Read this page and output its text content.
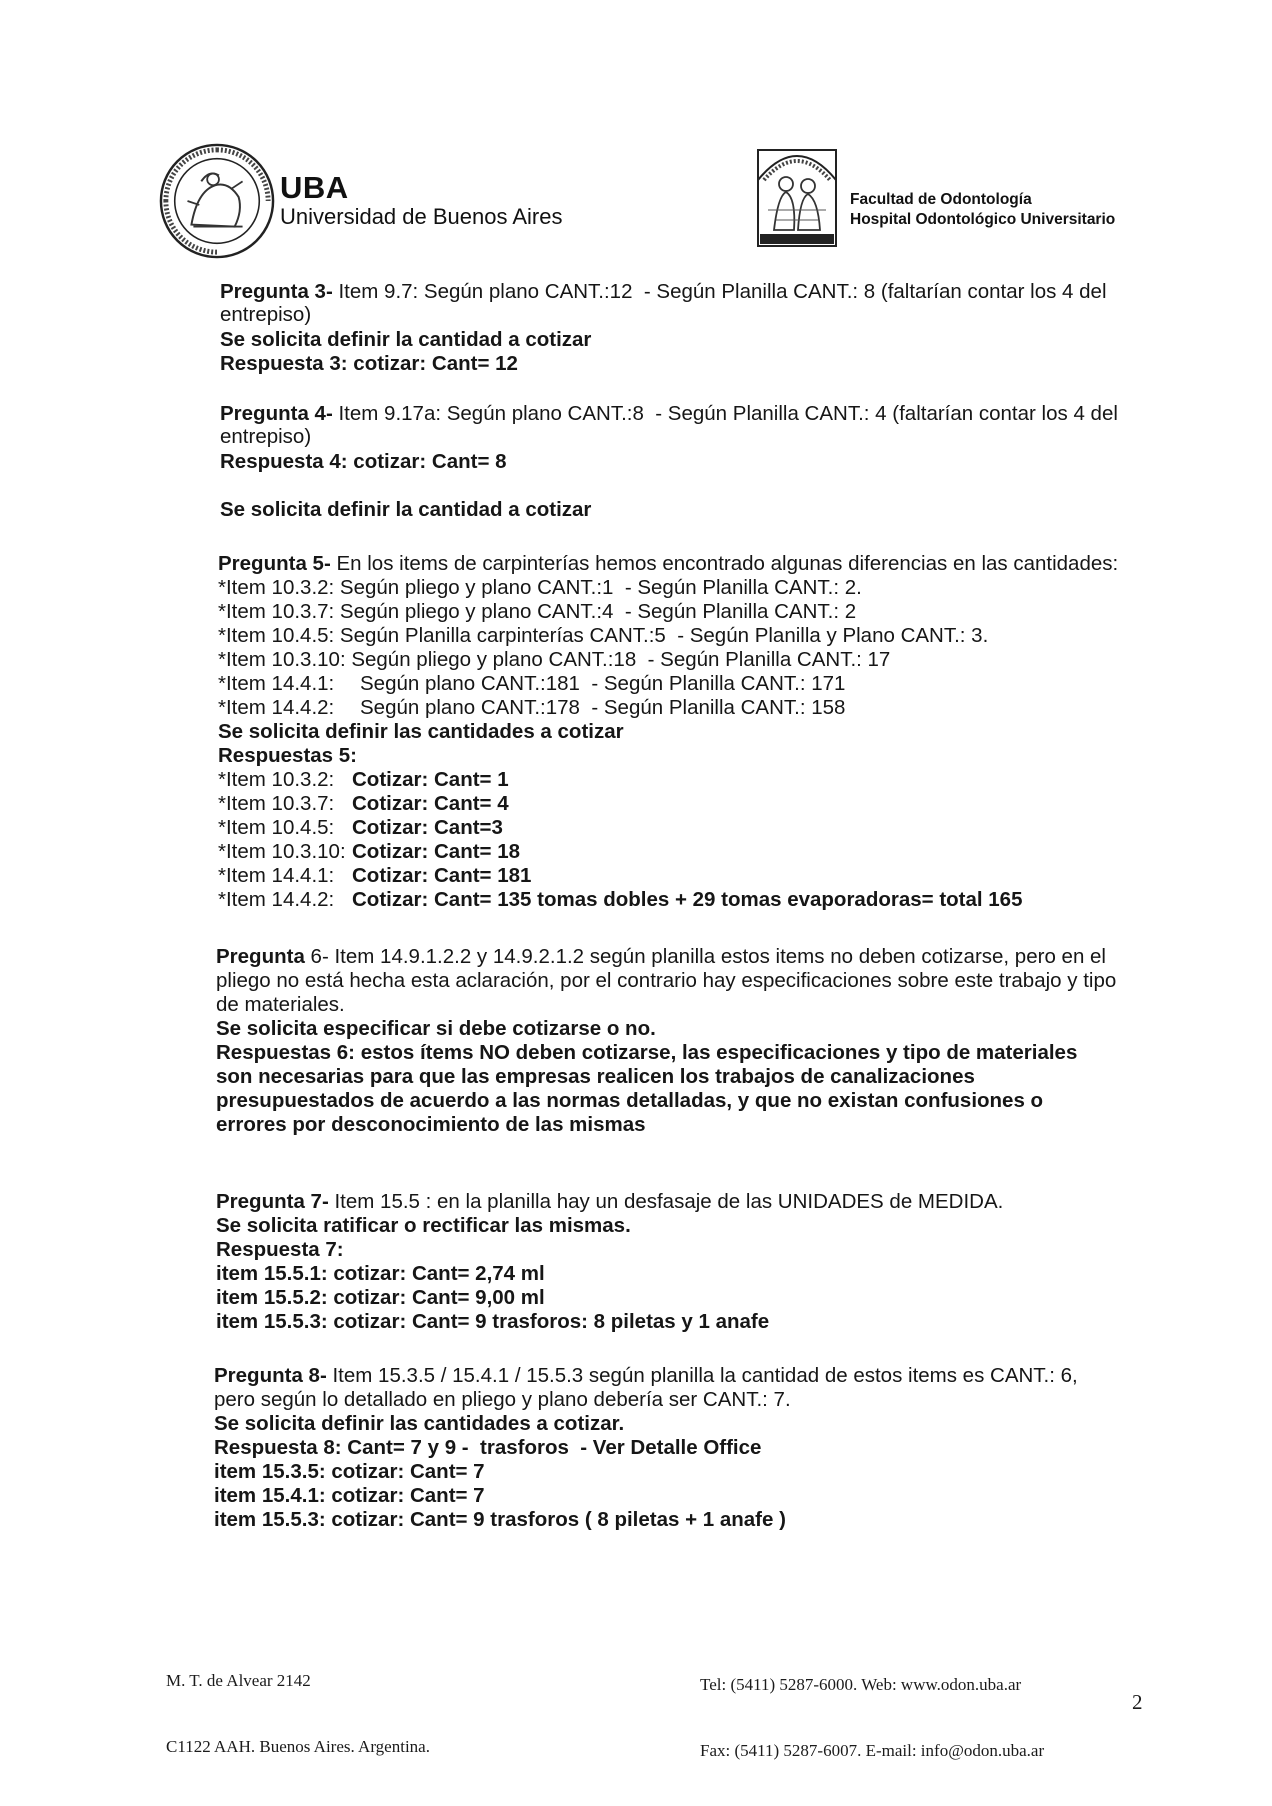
UBA
Universidad de Buenos Aires
Facultad de Odontología
Hospital Odontológico Universitario
Pregunta 3- Item 9.7: Según plano CANT.:12  - Según Planilla CANT.: 8 (faltarían contar los 4 del
entrepiso)
Se solicita definir la cantidad a cotizar
Respuesta 3: cotizar: Cant= 12
Pregunta 4- Item 9.17a: Según plano CANT.:8  - Según Planilla CANT.: 4 (faltarían contar los 4 del
entrepiso)
Respuesta 4: cotizar: Cant= 8
Se solicita definir la cantidad a cotizar
Pregunta 5- En los items de carpinterías hemos encontrado algunas diferencias en las cantidades:
*Item 10.3.2: Según pliego y plano CANT.:1  - Según Planilla CANT.: 2.
*Item 10.3.7: Según pliego y plano CANT.:4  - Según Planilla CANT.: 2
*Item 10.4.5: Según Planilla carpinterías CANT.:5  - Según Planilla y Plano CANT.: 3.
*Item 10.3.10: Según pliego y plano CANT.:18  - Según Planilla CANT.: 17
*Item 14.4.1: Según plano CANT.:181  - Según Planilla CANT.: 171
*Item 14.4.2: Según plano CANT.:178  - Según Planilla CANT.: 158
Se solicita definir las cantidades a cotizar
Respuestas 5:
*Item 10.3.2: Cotizar: Cant= 1
*Item 10.3.7: Cotizar: Cant= 4
*Item 10.4.5: Cotizar: Cant=3
*Item 10.3.10: Cotizar: Cant= 18
*Item 14.4.1: Cotizar: Cant= 181
*Item 14.4.2: Cotizar: Cant= 135 tomas dobles + 29 tomas evaporadoras= total 165
Pregunta 6- Item 14.9.1.2.2 y 14.9.2.1.2 según planilla estos items no deben cotizarse, pero en el
pliego no está hecha esta aclaración, por el contrario hay especificaciones sobre este trabajo y tipo
de materiales.
Se solicita especificar si debe cotizarse o no.
Respuestas 6: estos ítems NO deben cotizarse, las especificaciones y tipo de materiales
son necesarias para que las empresas realicen los trabajos de canalizaciones
presupuestados de acuerdo a las normas detalladas, y que no existan confusiones o
errores por desconocimiento de las mismas
Pregunta 7- Item 15.5 : en la planilla hay un desfasaje de las UNIDADES de MEDIDA.
Se solicita ratificar o rectificar las mismas.
Respuesta 7:
item 15.5.1: cotizar: Cant= 2,74 ml
item 15.5.2: cotizar: Cant= 9,00 ml
item 15.5.3: cotizar: Cant= 9 trasforos: 8 piletas y 1 anafe
Pregunta 8- Item 15.3.5 / 15.4.1 / 15.5.3 según planilla la cantidad de estos items es CANT.: 6,
pero según lo detallado en pliego y plano debería ser CANT.: 7.
Se solicita definir las cantidades a cotizar.
Respuesta 8: Cant= 7 y 9 -  trasforos  - Ver Detalle Office
item 15.3.5: cotizar: Cant= 7
item 15.4.1: cotizar: Cant= 7
item 15.5.3: cotizar: Cant= 9 trasforos ( 8 piletas + 1 anafe )

M. T. de Alvear 2142

C1122 AAH. Buenos Aires. Argentina.

Tel: (5411) 5287-6000. Web: www.odon.uba.ar

Fax: (5411) 5287-6007. E-mail: info@odon.uba.ar

2
